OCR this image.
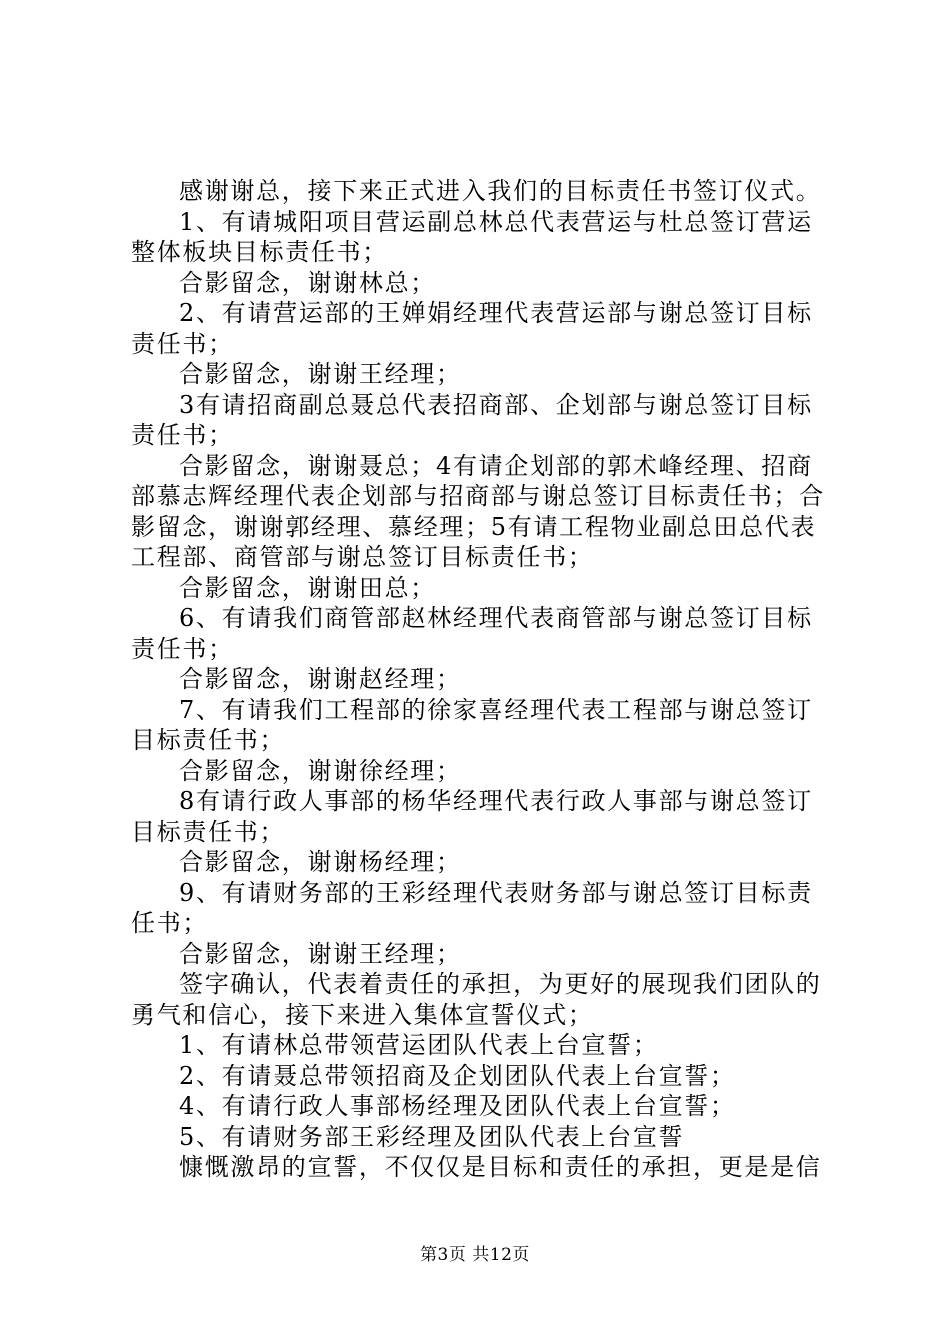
感谢谢总，接下来正式进入我们的目标责任书签订仪式。

1、有请城阳项目营运副总林总代表营运与杜总签订营运整体板块目标责任书；

合影留念，谢谢林总；

2、有请营运部的王婵娟经理代表营运部与谢总签订目标责任书；

合影留念，谢谢王经理；

3有请招商副总聂总代表招商部、企划部与谢总签订目标责任书；

合影留念，谢谢聂总；4有请企划部的郭术峰经理、招商部慕志辉经理代表企划部与招商部与谢总签订目标责任书；合影留念，谢谢郭经理、慕经理；5有请工程物业副总田总代表工程部、商管部与谢总签订目标责任书；

合影留念，谢谢田总；

6、有请我们商管部赵林经理代表商管部与谢总签订目标责任书；

合影留念，谢谢赵经理；

7、有请我们工程部的徐家喜经理代表工程部与谢总签订目标责任书；

合影留念，谢谢徐经理；

8有请行政人事部的杨华经理代表行政人事部与谢总签订目标责任书；

合影留念，谢谢杨经理；

9、有请财务部的王彩经理代表财务部与谢总签订目标责任书；

合影留念，谢谢王经理；

签字确认，代表着责任的承担，为更好的展现我们团队的勇气和信心，接下来进入集体宣誓仪式；

1、有请林总带领营运团队代表上台宣誓；

2、有请聂总带领招商及企划团队代表上台宣誓；

4、有请行政人事部杨经理及团队代表上台宣誓；

5、有请财务部王彩经理及团队代表上台宣誓

慷慨激昂的宣誓，不仅仅是目标和责任的承担，更是是信

第3页 共12页
